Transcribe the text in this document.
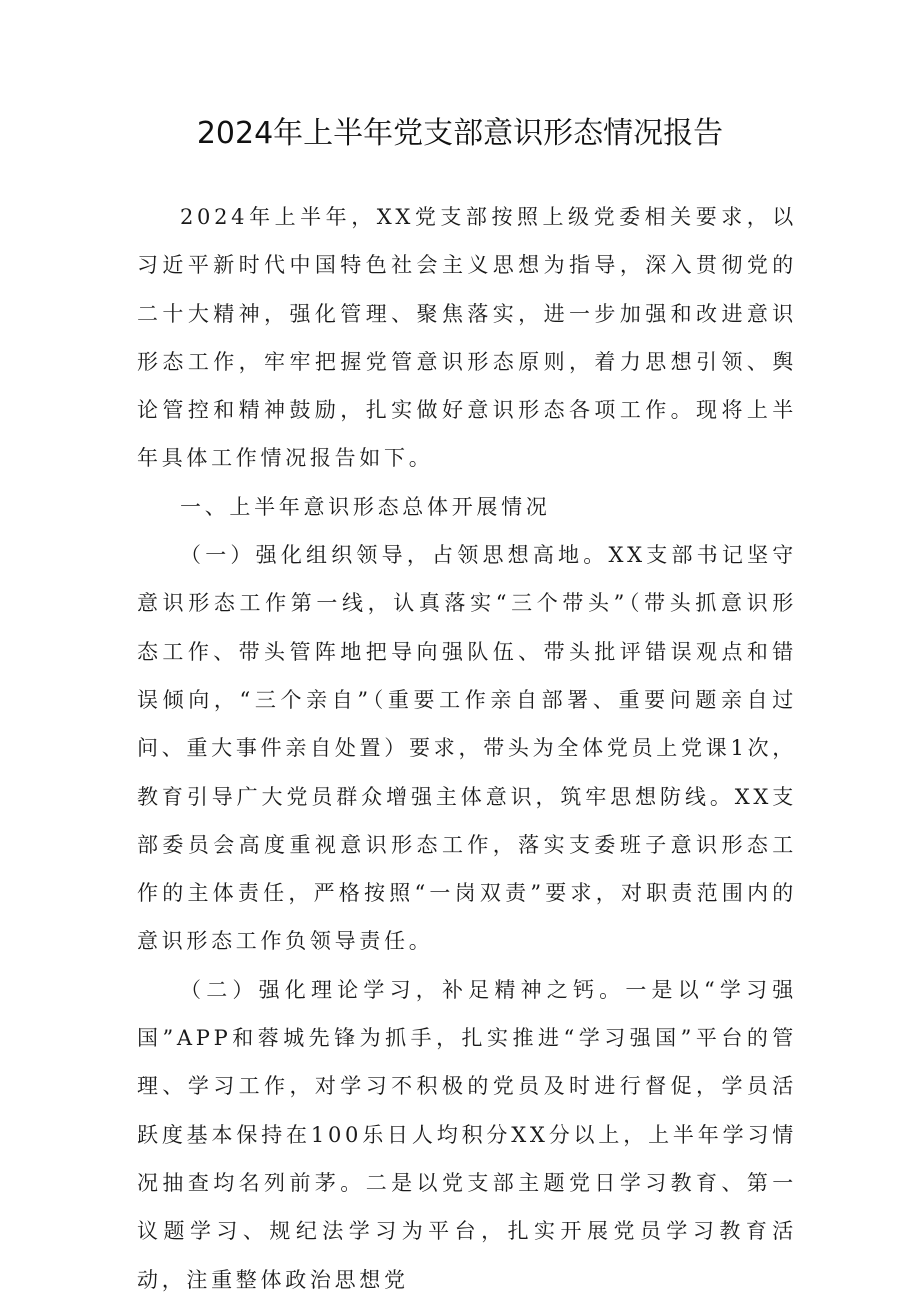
2024年上半年党支部意识形态情况报告

2024年上半年，XX党支部按照上级党委相关要求，以习近平新时代中国特色社会主义思想为指导，深入贯彻党的二十大精神，强化管理、聚焦落实，进一步加强和改进意识形态工作，牢牢把握党管意识形态原则，着力思想引领、舆论管控和精神鼓励，扎实做好意识形态各项工作。现将上半年具体工作情况报告如下。

一、上半年意识形态总体开展情况

（一）强化组织领导，占领思想高地。XX支部书记坚守意识形态工作第一线，认真落实“三个带头”（带头抓意识形态工作、带头管阵地把导向强队伍、带头批评错误观点和错误倾向，“三个亲自”（重要工作亲自部署、重要问题亲自过问、重大事件亲自处置）要求，带头为全体党员上党课1次，教育引导广大党员群众增强主体意识，筑牢思想防线。XX支部委员会高度重视意识形态工作，落实支委班子意识形态工作的主体责任，严格按照“一岗双责”要求，对职责范围内的意识形态工作负领导责任。

（二）强化理论学习，补足精神之钙。一是以“学习强国”APP和蓉城先锋为抓手，扎实推进“学习强国”平台的管理、学习工作，对学习不积极的党员及时进行督促，学员活跃度基本保持在100乐日人均积分XX分以上，上半年学习情况抽查均名列前茅。二是以党支部主题党日学习教育、第一议题学习、规纪法学习为平台，扎实开展党员学习教育活动，注重整体政治思想党
